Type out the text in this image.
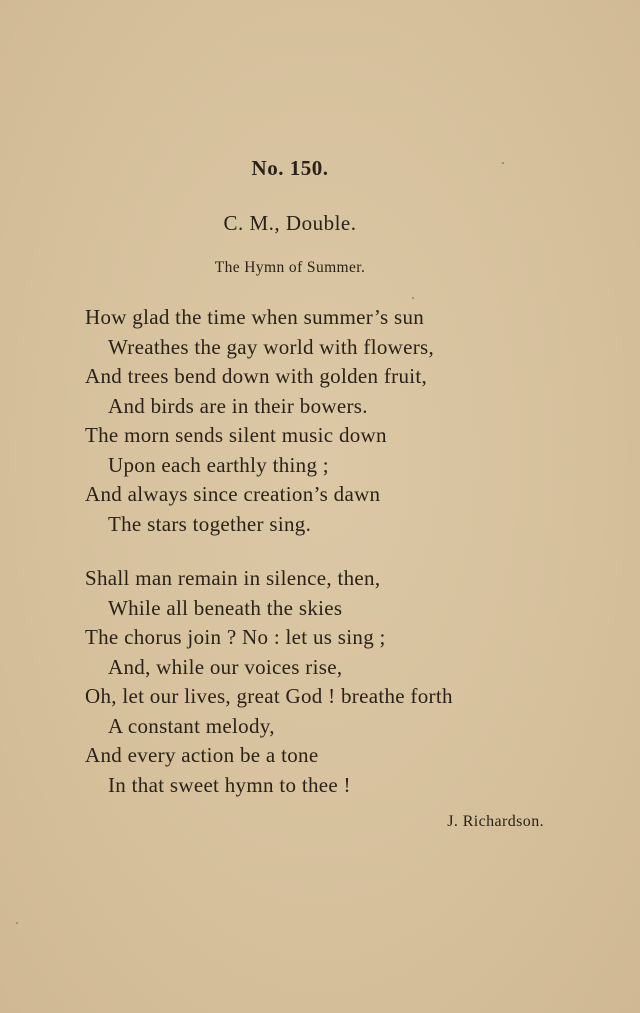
No. 150.
C. M., Double.
The Hymn of Summer.
How glad the time when summer’s sun
Wreathes the gay world with flowers,
And trees bend down with golden fruit,
And birds are in their bowers.
The morn sends silent music down
Upon each earthly thing ;
And always since creation’s dawn
The stars together sing.
Shall man remain in silence, then,
While all beneath the skies
The chorus join ? No : let us sing ;
And, while our voices rise,
Oh, let our lives, great God ! breathe forth
A constant melody,
And every action be a tone
In that sweet hymn to thee !
J. Richardson.
